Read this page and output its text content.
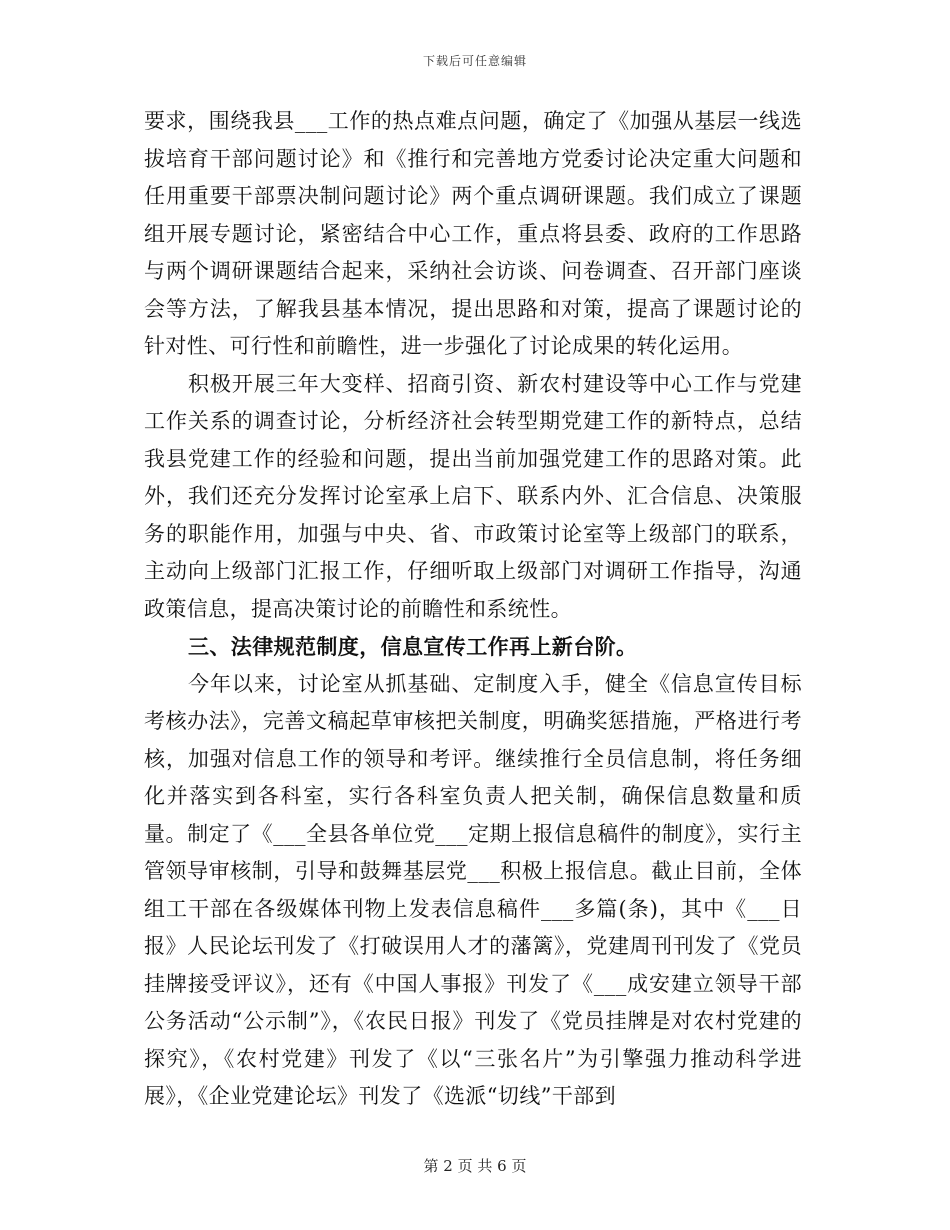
下载后可任意编辑

要求，围绕我县___工作的热点难点问题，确定了《加强从基层一线选拔培育干部问题讨论》和《推行和完善地方党委讨论决定重大问题和任用重要干部票决制问题讨论》两个重点调研课题。我们成立了课题组开展专题讨论，紧密结合中心工作，重点将县委、政府的工作思路与两个调研课题结合起来，采纳社会访谈、问卷调查、召开部门座谈会等方法，了解我县基本情况，提出思路和对策，提高了课题讨论的针对性、可行性和前瞻性，进一步强化了讨论成果的转化运用。

积极开展三年大变样、招商引资、新农村建设等中心工作与党建工作关系的调查讨论，分析经济社会转型期党建工作的新特点，总结我县党建工作的经验和问题，提出当前加强党建工作的思路对策。此外，我们还充分发挥讨论室承上启下、联系内外、汇合信息、决策服务的职能作用，加强与中央、省、市政策讨论室等上级部门的联系，主动向上级部门汇报工作，仔细听取上级部门对调研工作指导，沟通政策信息，提高决策讨论的前瞻性和系统性。

三、法律规范制度，信息宣传工作再上新台阶。

今年以来，讨论室从抓基础、定制度入手，健全《信息宣传目标考核办法》，完善文稿起草审核把关制度，明确奖惩措施，严格进行考核，加强对信息工作的领导和考评。继续推行全员信息制，将任务细化并落实到各科室，实行各科室负责人把关制，确保信息数量和质量。制定了《___全县各单位党___定期上报信息稿件的制度》，实行主管领导审核制，引导和鼓舞基层党___积极上报信息。截止目前，全体组工干部在各级媒体刊物上发表信息稿件___多篇(条)，其中《___日报》人民论坛刊发了《打破误用人才的藩篱》，党建周刊刊发了《党员挂牌接受评议》，还有《中国人事报》刊发了《___成安建立领导干部公务活动“公示制”》，《农民日报》刊发了《党员挂牌是对农村党建的探究》，《农村党建》刊发了《以“三张名片”为引擎强力推动科学进展》，《企业党建论坛》刊发了《选派“切线”干部到

第 2 页 共 6 页
